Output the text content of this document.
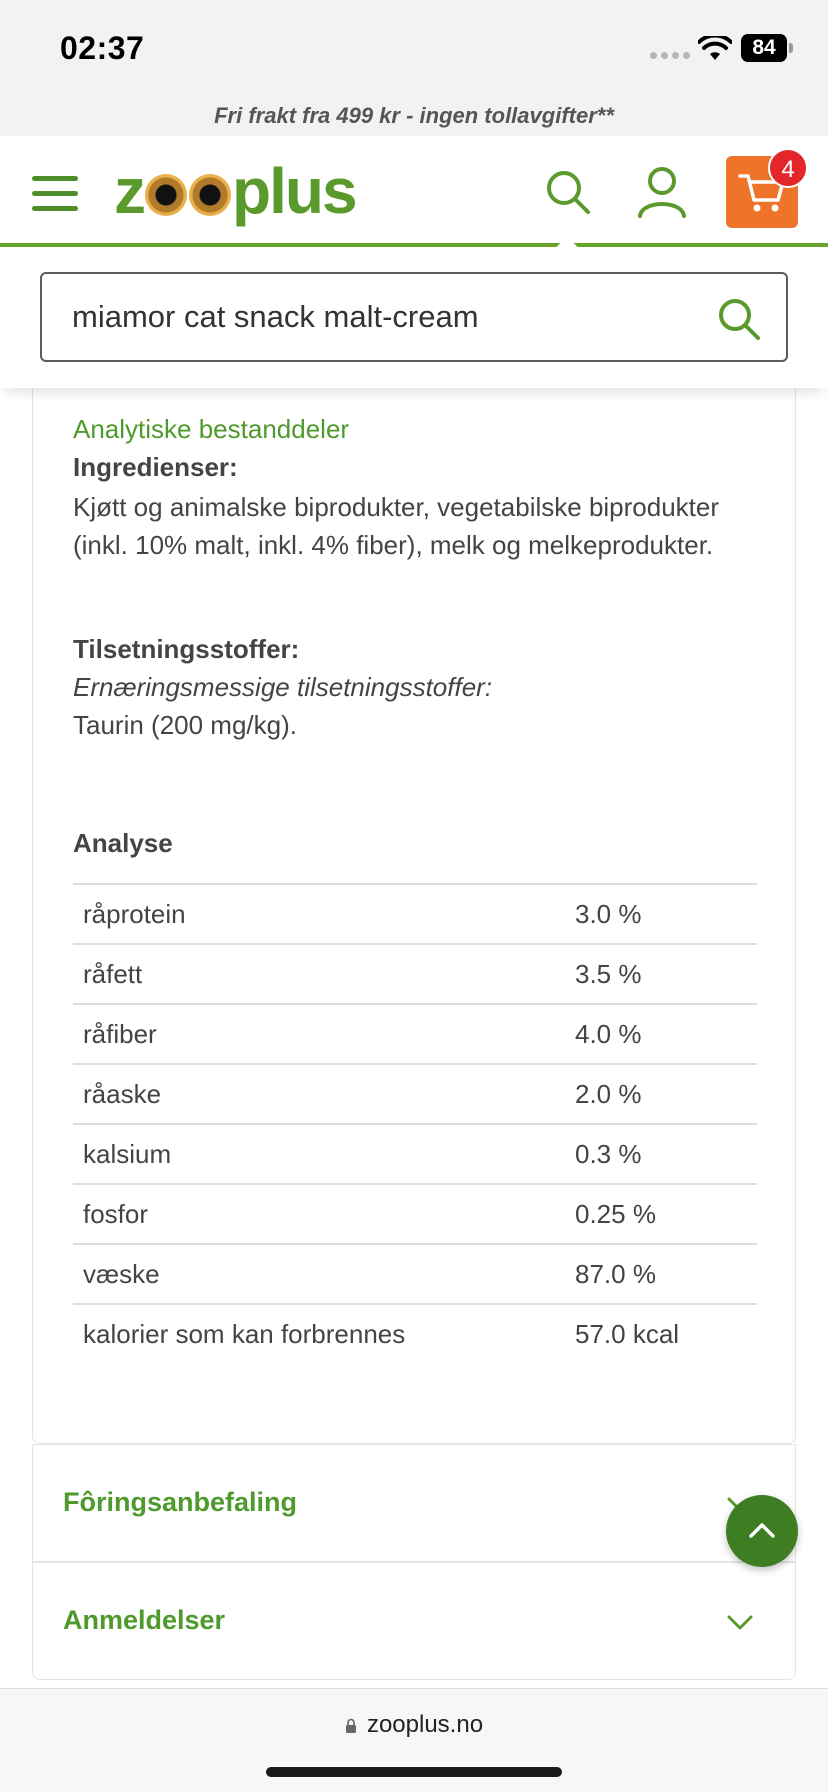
02:37	84
Fri frakt fra 499 kr - ingen tollavgifter**
z plus	4
miamor cat snack malt-cream
Analytiske bestanddeler
Ingredienser:
Kjøtt og animalske biprodukter, vegetabilske biprodukter (inkl. 10% malt, inkl. 4% fiber), melk og melkeprodukter.
Tilsetningsstoffer:
Ernæringsmessige tilsetningsstoffer:
Taurin (200 mg/kg).
Analyse
råprotein	3.0 %
råfett	3.5 %
råfiber	4.0 %
råaske	2.0 %
kalsium	0.3 %
fosfor	0.25 %
væske	87.0 %
kalorier som kan forbrennes	57.0 kcal
Fôringsanbefaling
Anmeldelser
zooplus.no
